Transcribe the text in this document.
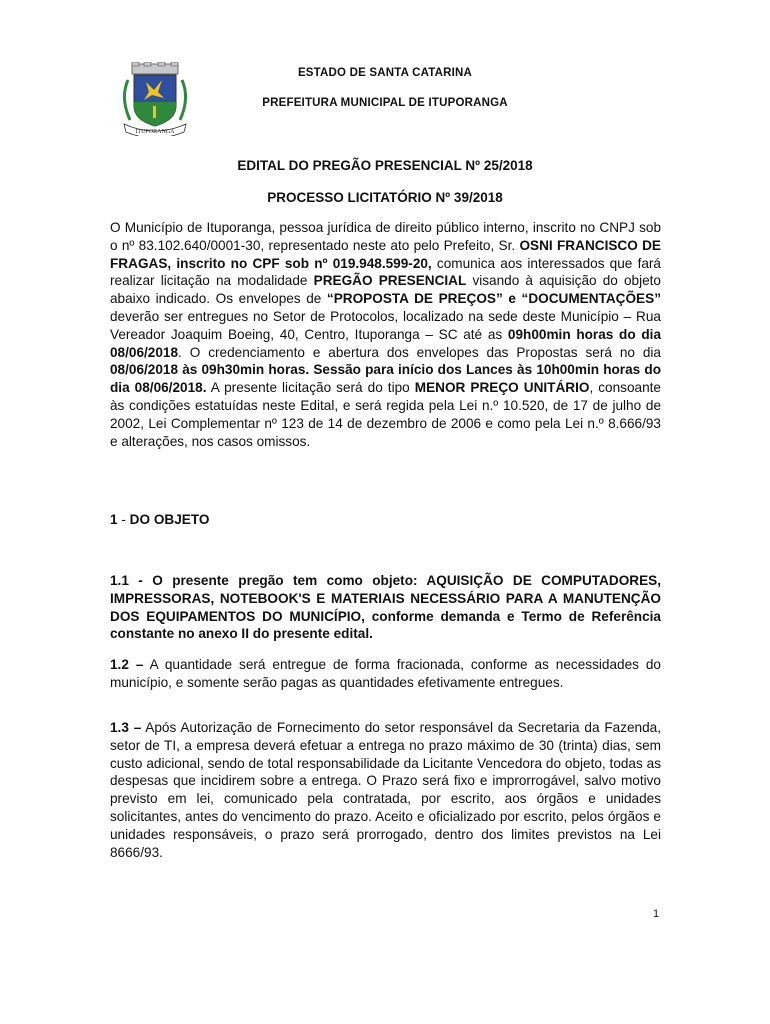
ITUPORANGA
ESTADO DE SANTA CATARINA
PREFEITURA MUNICIPAL DE ITUPORANGA
EDITAL DO PREGÃO PRESENCIAL Nº 25/2018
PROCESSO LICITATÓRIO Nº 39/2018
O Município de Ituporanga, pessoa jurídica de direito público interno, inscrito no CNPJ sob o nº 83.102.640/0001-30, representado neste ato pelo Prefeito, Sr. OSNI FRANCISCO DE FRAGAS, inscrito no CPF sob nº 019.948.599-20, comunica aos interessados que fará realizar licitação na modalidade PREGÃO PRESENCIAL visando à aquisição do objeto abaixo indicado. Os envelopes de “PROPOSTA DE PREÇOS” e “DOCUMENTAÇÕES” deverão ser entregues no Setor de Protocolos, localizado na sede deste Município – Rua Vereador Joaquim Boeing, 40, Centro, Ituporanga – SC até as 09h00min horas do dia 08/06/2018. O credenciamento e abertura dos envelopes das Propostas será no dia 08/06/2018 às 09h30min horas. Sessão para início dos Lances às 10h00min horas do dia 08/06/2018. A presente licitação será do tipo MENOR PREÇO UNITÁRIO, consoante às condições estatuídas neste Edital, e será regida pela Lei n.º 10.520, de 17 de julho de 2002, Lei Complementar nº 123 de 14 de dezembro de 2006 e como pela Lei n.º 8.666/93 e alterações, nos casos omissos.
1 - DO OBJETO
1.1 - O presente pregão tem como objeto: AQUISIÇÃO DE COMPUTADORES, IMPRESSORAS, NOTEBOOK'S E MATERIAIS NECESSÁRIO PARA A MANUTENÇÃO DOS EQUIPAMENTOS DO MUNICÍPIO, conforme demanda e Termo de Referência constante no anexo II do presente edital.
1.2 – A quantidade será entregue de forma fracionada, conforme as necessidades do município, e somente serão pagas as quantidades efetivamente entregues.
1.3 – Após Autorização de Fornecimento do setor responsável da Secretaria da Fazenda, setor de TI, a empresa deverá efetuar a entrega no prazo máximo de 30 (trinta) dias, sem custo adicional, sendo de total responsabilidade da Licitante Vencedora do objeto, todas as despesas que incidirem sobre a entrega. O Prazo será fixo e improrrogável, salvo motivo previsto em lei, comunicado pela contratada, por escrito, aos órgãos e unidades solicitantes, antes do vencimento do prazo. Aceito e oficializado por escrito, pelos órgãos e unidades responsáveis, o prazo será prorrogado, dentro dos limites previstos na Lei 8666/93.
1
